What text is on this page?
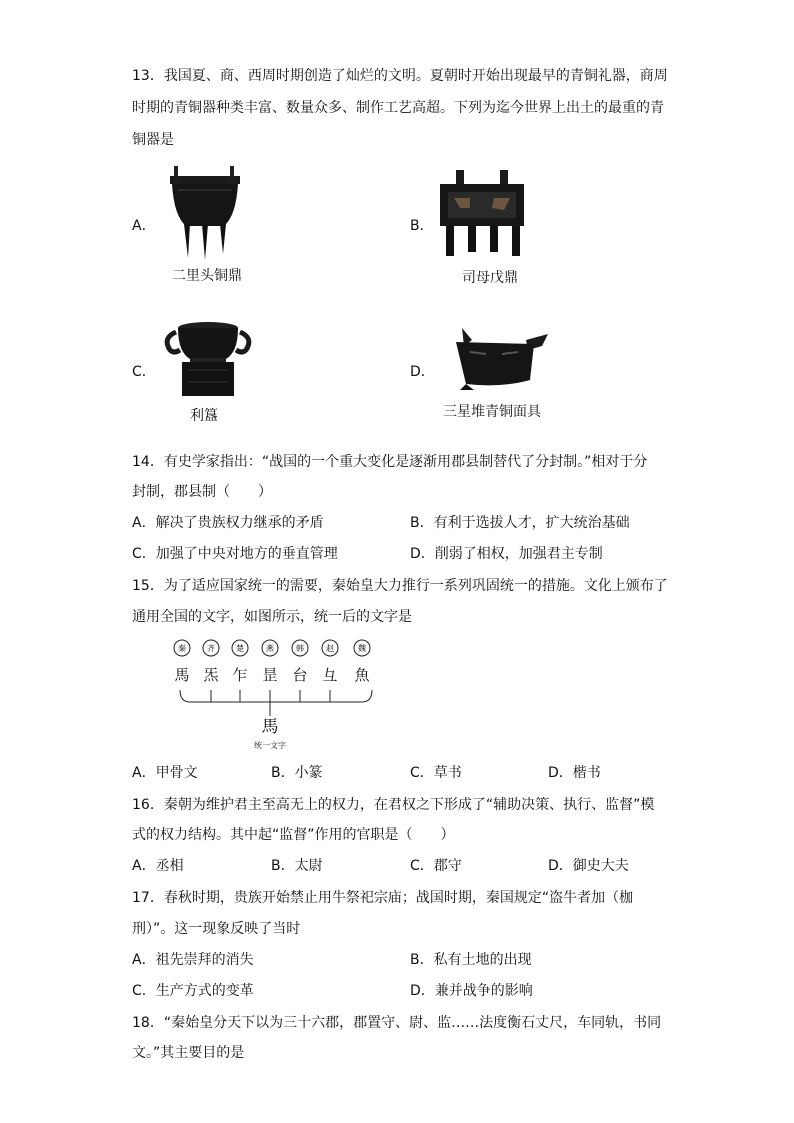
13．我国夏、商、西周时期创造了灿烂的文明。夏朝时开始出现最早的青铜礼器，商周
时期的青铜器种类丰富、数量众多、制作工艺高超。下列为迄今世界上出土的最重的青
铜器是
A．
二里头铜鼎
B．
司母戊鼎
C．
利簋
D．
三星堆青铜面具
14．有史学家指出：“战国的一个重大变化是逐渐用郡县制替代了分封制。”相对于分
封制，郡县制（　　）
A．解决了贵族权力继承的矛盾	B．有利于选拔人才，扩大统治基础
C．加强了中央对地方的垂直管理	D．削弱了相权，加强君主专制
15．为了适应国家统一的需要，秦始皇大力推行一系列巩固统一的措施。文化上颁布了
通用全国的文字，如图所示，统一后的文字是
秦	齐	楚	燕	韩	赵	魏
馬 炁 乍 昰 台 彑 魚
馬
统一文字
A．甲骨文	B．小篆	C．草书	D．楷书
16．秦朝为维护君主至高无上的权力，在君权之下形成了“辅助决策、执行、监督”模
式的权力结构。其中起“监督”作用的官职是（　　）
A．丞相	B．太尉	C．郡守	D．御史大夫
17．春秋时期，贵族开始禁止用牛祭祀宗庙；战国时期，秦国规定“盗牛者加（枷
刑）”。这一现象反映了当时
A．祖先崇拜的消失	B．私有土地的出现
C．生产方式的变革	D．兼并战争的影响
18．“秦始皇分天下以为三十六郡，郡置守、尉、监……法度衡石丈尺，车同轨，书同
文。”其主要目的是
